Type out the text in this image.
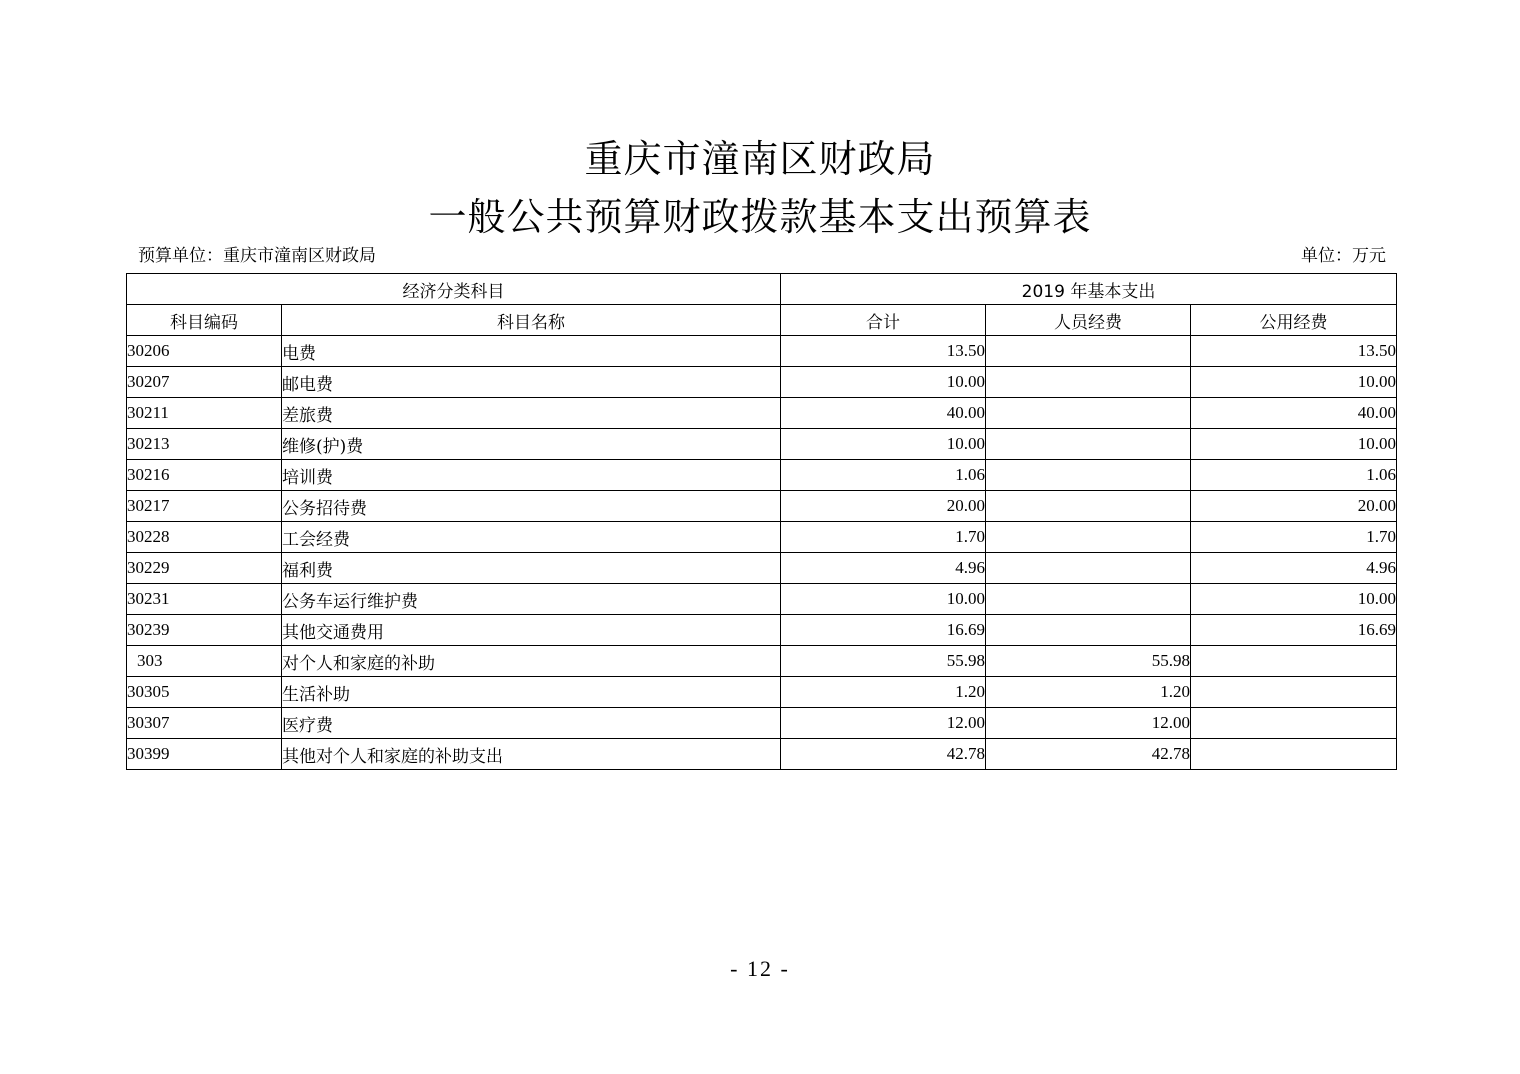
重庆市潼南区财政局
一般公共预算财政拨款基本支出预算表
预算单位：重庆市潼南区财政局	单位：万元
经济分类科目		2019 年基本支出		
科目编码	科目名称	合计	人员经费	公用经费
30206	电费	13.50		13.50
30207	邮电费	10.00		10.00
30211	差旅费	40.00		40.00
30213	维修(护)费	10.00		10.00
30216	培训费	1.06		1.06
30217	公务招待费	20.00		20.00
30228	工会经费	1.70		1.70
30229	福利费	4.96		4.96
30231	公务车运行维护费	10.00		10.00
30239	其他交通费用	16.69		16.69
303	对个人和家庭的补助	55.98	55.98	
30305	生活补助	1.20	1.20	
30307	医疗费	12.00	12.00	
30399	其他对个人和家庭的补助支出	42.78	42.78	
- 12 -
